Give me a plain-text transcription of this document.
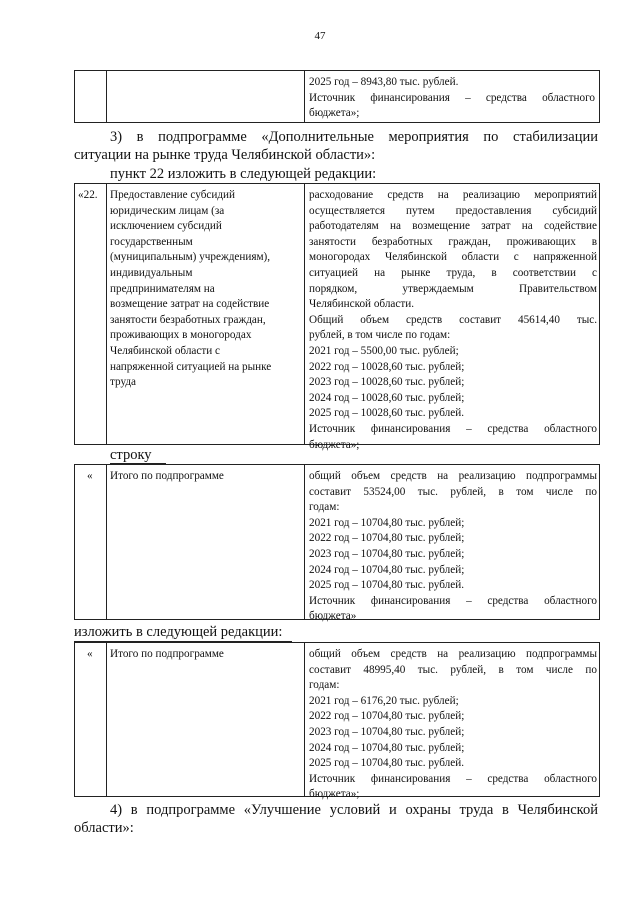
47
2025 год – 8943,80 тыс. рублей.
Источник финансирования – средства областного
бюджета»;
3) в подпрограмме «Дополнительные мероприятия по стабилизации
ситуации на рынке труда Челябинской области»:
пункт 22 изложить в следующей редакции:
«22. Предоставление субсидий
юридическим лицам (за
исключением субсидий
государственным
(муниципальным) учреждениям),
индивидуальным
предпринимателям на
возмещение затрат на содействие
занятости безработных граждан,
проживающих в моногородах
Челябинской области с
напряженной ситуацией на рынке
труда
расходование средств на реализацию мероприятий
осуществляется путем предоставления субсидий
работодателям на возмещение затрат на содействие
занятости безработных граждан, проживающих в
моногородах Челябинской области с напряженной
ситуацией на рынке труда, в соответствии с
порядком, утверждаемым Правительством
Челябинской области.
Общий объем средств составит 45614,40 тыс.
рублей, в том числе по годам:
2021 год – 5500,00 тыс. рублей;
2022 год – 10028,60 тыс. рублей;
2023 год – 10028,60 тыс. рублей;
2024 год – 10028,60 тыс. рублей;
2025 год – 10028,60 тыс. рублей.
Источник финансирования – средства областного
бюджета»;
строку
« Итого по подпрограмме	общий объем средств на реализацию подпрограммы
составит 53524,00 тыс. рублей, в том числе по
годам:
2021 год – 10704,80 тыс. рублей;
2022 год – 10704,80 тыс. рублей;
2023 год – 10704,80 тыс. рублей;
2024 год – 10704,80 тыс. рублей;
2025 год – 10704,80 тыс. рублей.
Источник финансирования – средства областного
бюджета»
изложить в следующей редакции:
« Итого по подпрограмме	общий объем средств на реализацию подпрограммы
составит 48995,40 тыс. рублей, в том числе по
годам:
2021 год – 6176,20 тыс. рублей;
2022 год – 10704,80 тыс. рублей;
2023 год – 10704,80 тыс. рублей;
2024 год – 10704,80 тыс. рублей;
2025 год – 10704,80 тыс. рублей.
Источник финансирования – средства областного
бюджета»;
4) в подпрограмме «Улучшение условий и охраны труда в Челябинской
области»:
